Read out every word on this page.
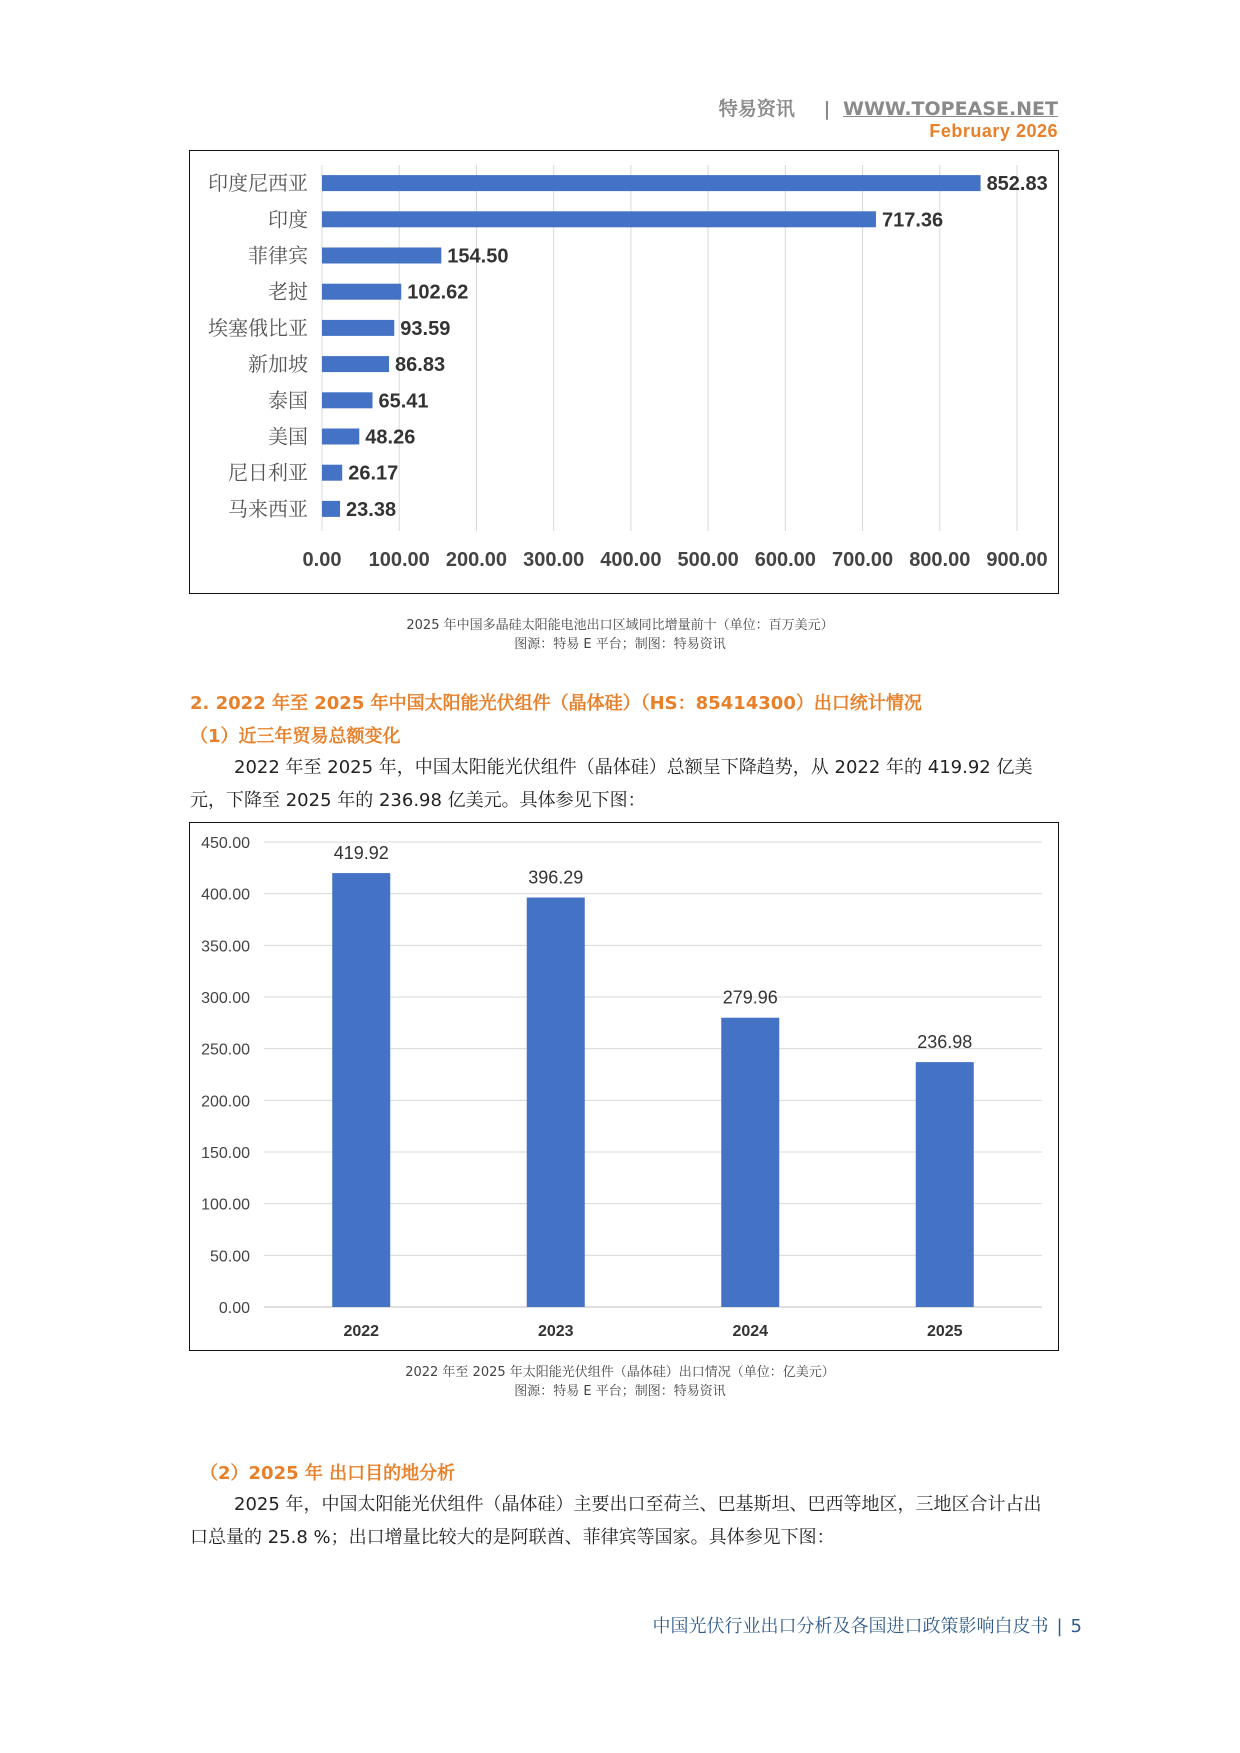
特易资讯 | WWW.TOPEASE.NET
February 2026
0.00 100.00 200.00 300.00 400.00 500.00 600.00 700.00 800.00 900.00
印度尼西亚	852.83
印度	717.36
菲律宾	154.50
老挝	102.62
埃塞俄比亚	93.59
新加坡	86.83
泰国	65.41
美国	48.26
尼日利亚 26.17
马来西亚 23.38
2025 年中国多晶硅太阳能电池出口区域同比增量前十（单位：百万美元）
图源：特易 E 平台；制图：特易资讯
2. 2022 年至 2025 年中国太阳能光伏组件（晶体硅）（HS：85414300）出口统计情况
（1）近三年贸易总额变化
2022 年至 2025 年，中国太阳能光伏组件（晶体硅）总额呈下降趋势，从 2022 年的 419.92 亿美元，下降至 2025 年的 236.98 亿美元。具体参见下图：
0.00
50.00
100.00
150.00
200.00
250.00
300.00
350.00
400.00
450.00	419.92
2022
396.29
2023
279.96
2024
236.98
2025
2022 年至 2025 年太阳能光伏组件（晶体硅）出口情况（单位：亿美元）
图源：特易 E 平台；制图：特易资讯
（2）2025 年 出口目的地分析
2025 年，中国太阳能光伏组件（晶体硅）主要出口至荷兰、巴基斯坦、巴西等地区，三地区合计占出口总量的 25.8 %；出口增量比较大的是阿联酋、菲律宾等国家。具体参见下图：
中国光伏行业出口分析及各国进口政策影响白皮书 | 5
